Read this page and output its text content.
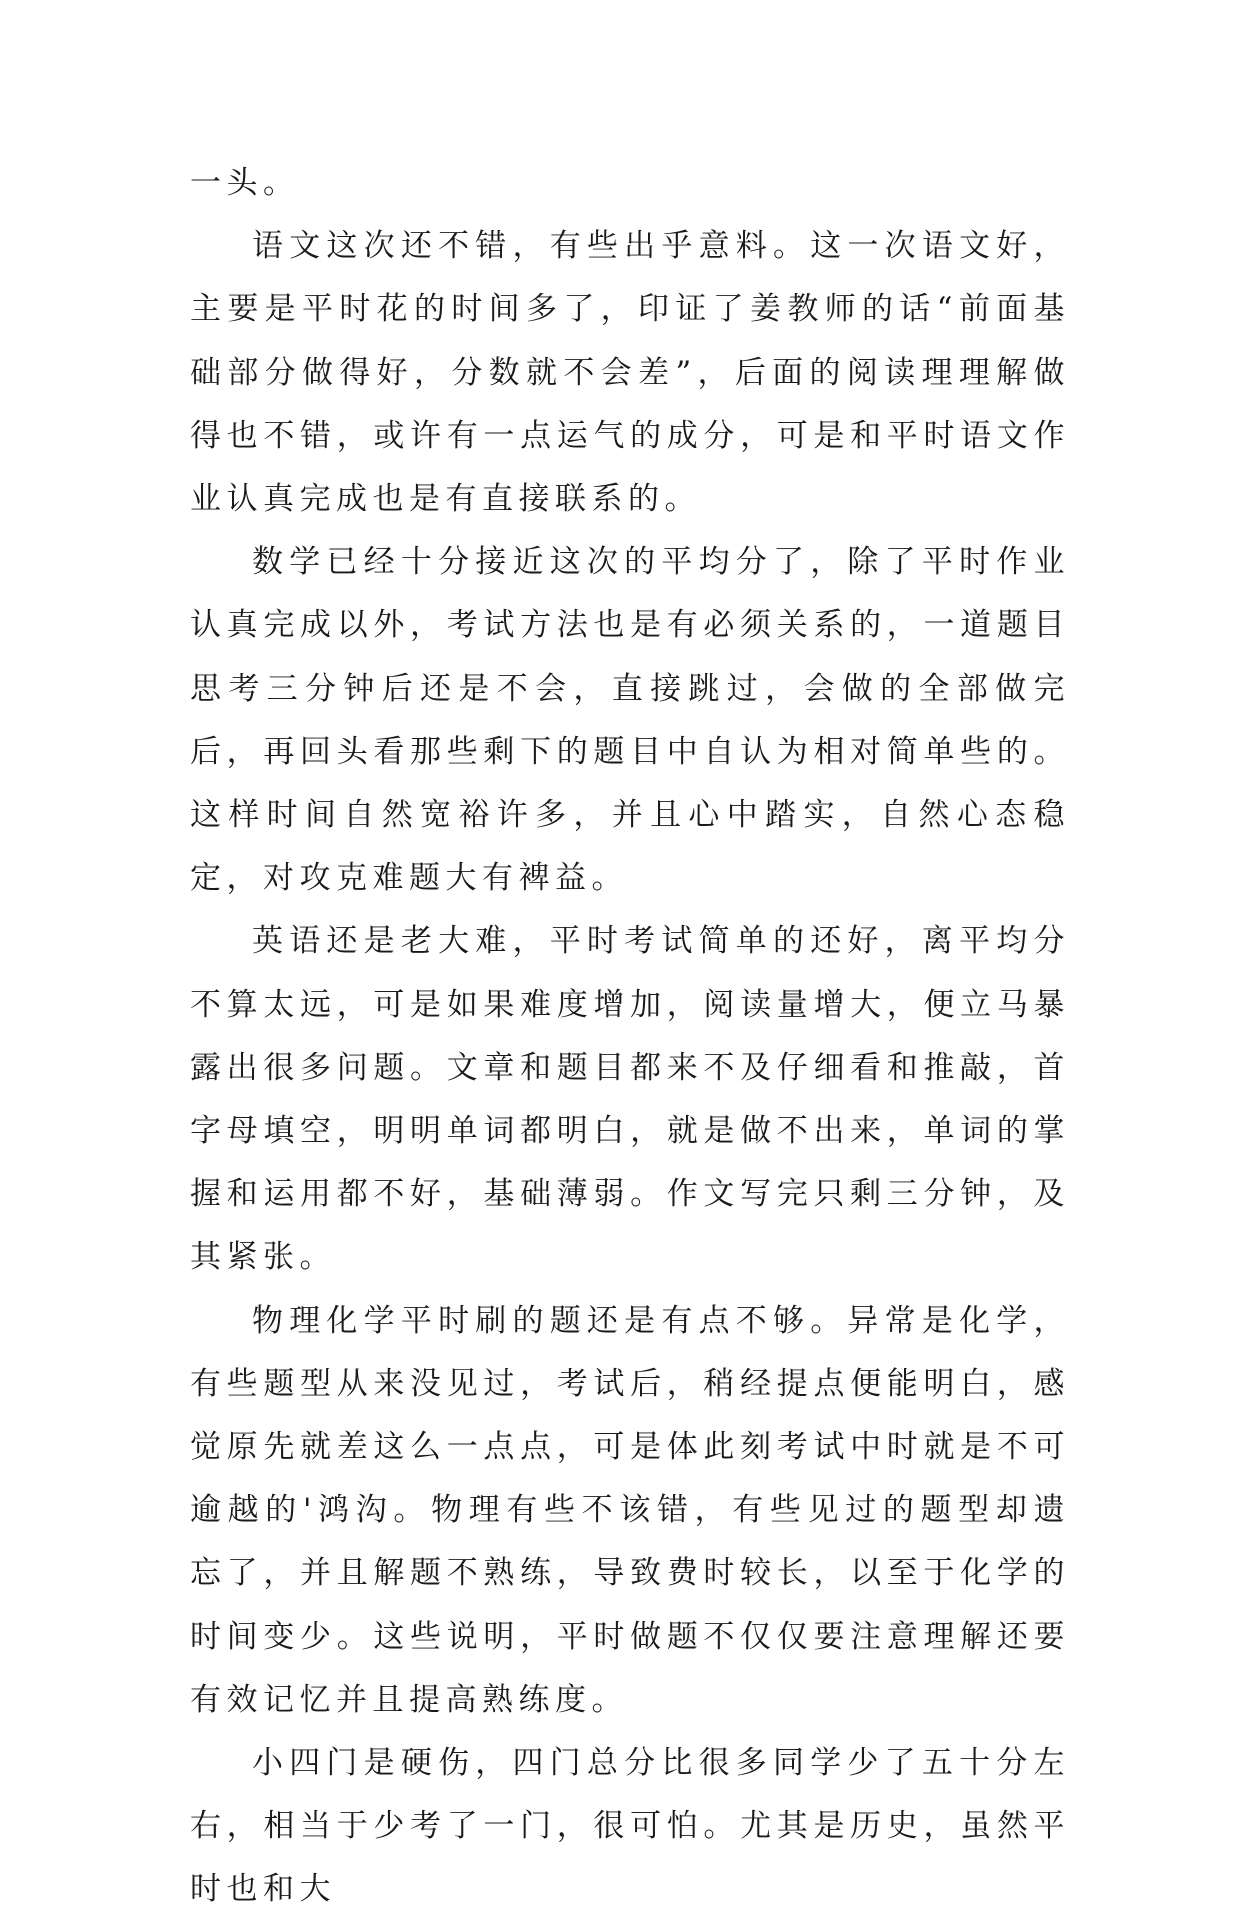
一头。

语文这次还不错，有些出乎意料。这一次语文好，主要是平时花的时间多了，印证了姜教师的话“前面基础部分做得好，分数就不会差”，后面的阅读理理解做得也不错，或许有一点运气的成分，可是和平时语文作业认真完成也是有直接联系的。

数学已经十分接近这次的平均分了，除了平时作业认真完成以外，考试方法也是有必须关系的，一道题目思考三分钟后还是不会，直接跳过，会做的全部做完后，再回头看那些剩下的题目中自认为相对简单些的。这样时间自然宽裕许多，并且心中踏实，自然心态稳定，对攻克难题大有裨益。

英语还是老大难，平时考试简单的还好，离平均分不算太远，可是如果难度增加，阅读量增大，便立马暴露出很多问题。文章和题目都来不及仔细看和推敲，首字母填空，明明单词都明白，就是做不出来，单词的掌握和运用都不好，基础薄弱。作文写完只剩三分钟，及其紧张。

物理化学平时刷的题还是有点不够。异常是化学，有些题型从来没见过，考试后，稍经提点便能明白，感觉原先就差这么一点点，可是体此刻考试中时就是不可逾越的'鸿沟。物理有些不该错，有些见过的题型却遗忘了，并且解题不熟练，导致费时较长，以至于化学的时间变少。这些说明，平时做题不仅仅要注意理解还要有效记忆并且提高熟练度。

小四门是硬伤，四门总分比很多同学少了五十分左右，相当于少考了一门，很可怕。尤其是历史，虽然平时也和大
